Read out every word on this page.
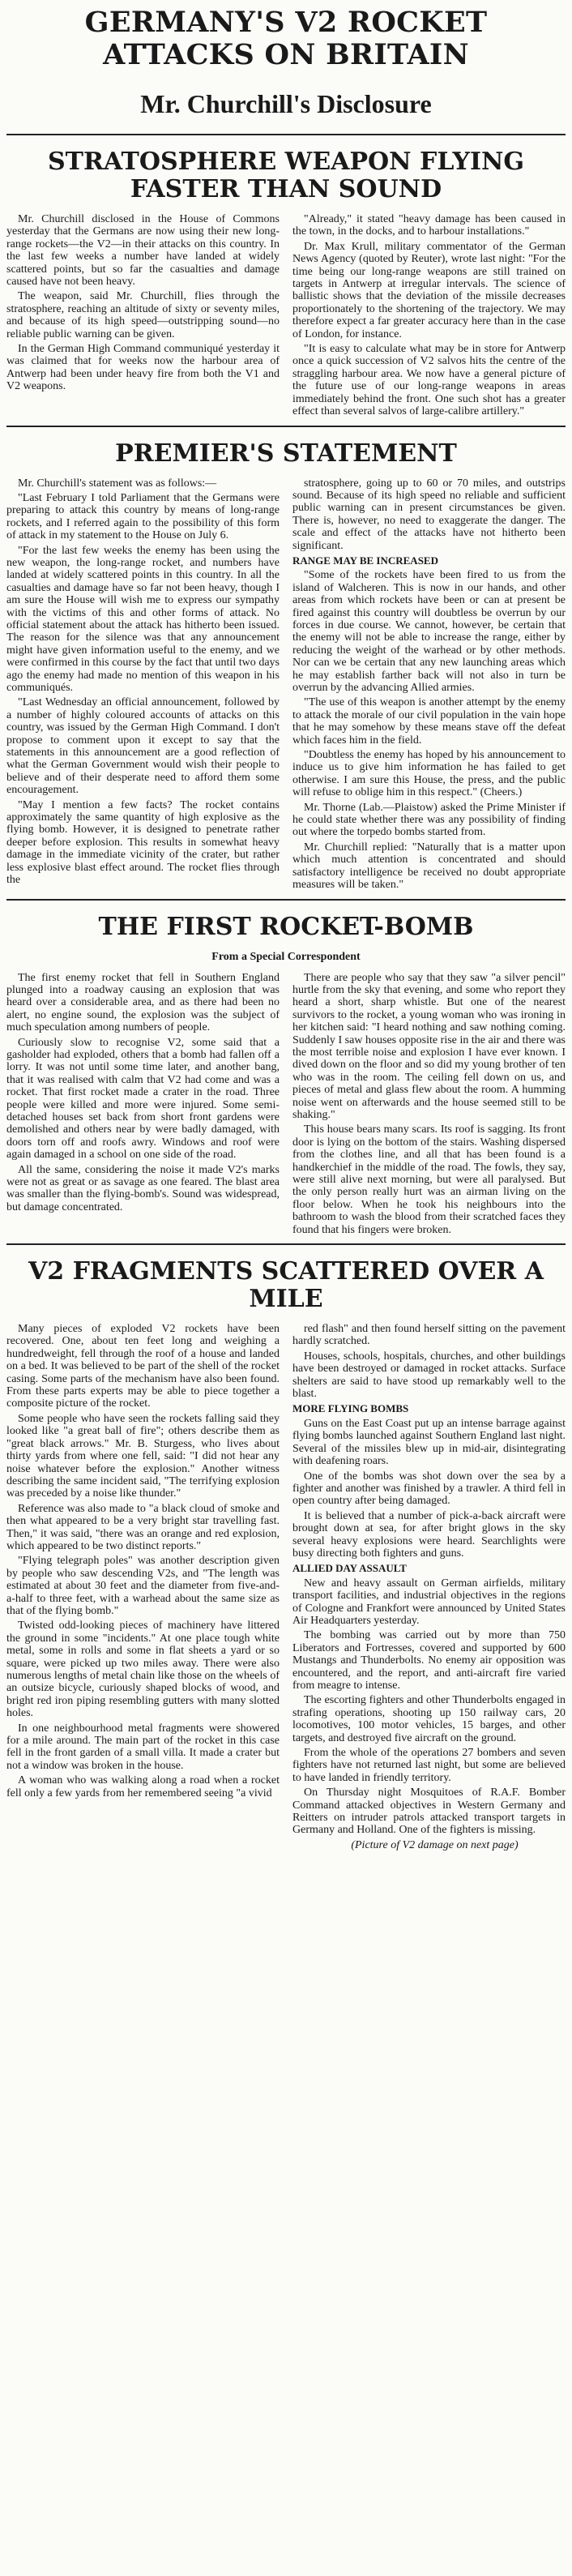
GERMANY'S V2 ROCKET ATTACKS ON BRITAIN
Mr. Churchill's Disclosure
STRATOSPHERE WEAPON FLYING FASTER THAN SOUND

Mr. Churchill disclosed in the House of Commons yesterday that the Germans are now using their new long-range rockets—the V2—in their attacks on this country. In the last few weeks a number have landed at widely scattered points, but so far the casualties and damage caused have not been heavy.

The weapon, said Mr. Churchill, flies through the stratosphere, reaching an altitude of sixty or seventy miles, and because of its high speed—outstripping sound—no reliable public warning can be given.

In the German High Command communiqué yesterday it was claimed that for weeks now the harbour area of Antwerp had been under heavy fire from both the V1 and V2 weapons.

"Already," it stated "heavy damage has been caused in the town, in the docks, and to harbour installations."

Dr. Max Krull, military commentator of the German News Agency (quoted by Reuter), wrote last night: "For the time being our long-range weapons are still trained on targets in Antwerp at irregular intervals. The science of ballistic shows that the deviation of the missile decreases proportionately to the shortening of the trajectory. We may therefore expect a far greater accuracy here than in the case of London, for instance.

"It is easy to calculate what may be in store for Antwerp once a quick succession of V2 salvos hits the centre of the straggling harbour area. We now have a general picture of the future use of our long-range weapons in areas immediately behind the front. One such shot has a greater effect than several salvos of large-calibre artillery."

PREMIER'S STATEMENT

Mr. Churchill's statement was as follows:—

"Last February I told Parliament that the Germans were preparing to attack this country by means of long-range rockets, and I referred again to the possibility of this form of attack in my statement to the House on July 6.

"For the last few weeks the enemy has been using the new weapon, the long-range rocket, and numbers have landed at widely scattered points in this country. In all the casualties and damage have so far not been heavy, though I am sure the House will wish me to express our sympathy with the victims of this and other forms of attack. No official statement about the attack has hitherto been issued. The reason for the silence was that any announcement might have given information useful to the enemy, and we were confirmed in this course by the fact that until two days ago the enemy had made no mention of this weapon in his communiqués.

"Last Wednesday an official announcement, followed by a number of highly coloured accounts of attacks on this country, was issued by the German High Command. I don't propose to comment upon it except to say that the statements in this announcement are a good reflection of what the German Government would wish their people to believe and of their desperate need to afford them some encouragement.

"May I mention a few facts? The rocket contains approximately the same quantity of high explosive as the flying bomb. However, it is designed to penetrate rather deeper before explosion. This results in somewhat heavy damage in the immediate vicinity of the crater, but rather less explosive blast effect around. The rocket flies through the

stratosphere, going up to 60 or 70 miles, and outstrips sound. Because of its high speed no reliable and sufficient public warning can in present circumstances be given. There is, however, no need to exaggerate the danger. The scale and effect of the attacks have not hitherto been significant.

RANGE MAY BE INCREASED

"Some of the rockets have been fired to us from the island of Walcheren. This is now in our hands, and other areas from which rockets have been or can at present be fired against this country will doubtless be overrun by our forces in due course. We cannot, however, be certain that the enemy will not be able to increase the range, either by reducing the weight of the warhead or by other methods. Nor can we be certain that any new launching areas which he may establish farther back will not also in turn be overrun by the advancing Allied armies.

"The use of this weapon is another attempt by the enemy to attack the morale of our civil population in the vain hope that he may somehow by these means stave off the defeat which faces him in the field.

"Doubtless the enemy has hoped by his announcement to induce us to give him information he has failed to get otherwise. I am sure this House, the press, and the public will refuse to oblige him in this respect." (Cheers.)

Mr. Thorne (Lab.—Plaistow) asked the Prime Minister if he could state whether there was any possibility of finding out where the torpedo bombs started from.

Mr. Churchill replied: "Naturally that is a matter upon which much attention is concentrated and should satisfactory intelligence be received no doubt appropriate measures will be taken."

THE FIRST ROCKET-BOMB
From a Special Correspondent

The first enemy rocket that fell in Southern England plunged into a roadway causing an explosion that was heard over a considerable area, and as there had been no alert, no engine sound, the explosion was the subject of much speculation among numbers of people.

Curiously slow to recognise V2, some said that a gasholder had exploded, others that a bomb had fallen off a lorry. It was not until some time later, and another bang, that it was realised with calm that V2 had come and was a rocket. That first rocket made a crater in the road. Three people were killed and more were injured. Some semi-detached houses set back from short front gardens were demolished and others near by were badly damaged, with doors torn off and roofs awry. Windows and roof were again damaged in a school on one side of the road.

All the same, considering the noise it made V2's marks were not as great or as savage as one feared. The blast area was smaller than the flying-bomb's. Sound was widespread, but damage concentrated.

There are people who say that they saw "a silver pencil" hurtle from the sky that evening, and some who report they heard a short, sharp whistle. But one of the nearest survivors to the rocket, a young woman who was ironing in her kitchen said: "I heard nothing and saw nothing coming. Suddenly I saw houses opposite rise in the air and there was the most terrible noise and explosion I have ever known. I dived down on the floor and so did my young brother of ten who was in the room. The ceiling fell down on us, and pieces of metal and glass flew about the room. A humming noise went on afterwards and the house seemed still to be shaking."

This house bears many scars. Its roof is sagging. Its front door is lying on the bottom of the stairs. Washing dispersed from the clothes line, and all that has been found is a handkerchief in the middle of the road. The fowls, they say, were still alive next morning, but were all paralysed. But the only person really hurt was an airman living on the floor below. When he took his neighbours into the bathroom to wash the blood from their scratched faces they found that his fingers were broken.

V2 FRAGMENTS SCATTERED OVER A MILE

Many pieces of exploded V2 rockets have been recovered. One, about ten feet long and weighing a hundredweight, fell through the roof of a house and landed on a bed. It was believed to be part of the shell of the rocket casing. Some parts of the mechanism have also been found. From these parts experts may be able to piece together a composite picture of the rocket.

Some people who have seen the rockets falling said they looked like "a great ball of fire"; others describe them as "great black arrows." Mr. B. Sturgess, who lives about thirty yards from where one fell, said: "I did not hear any noise whatever before the explosion." Another witness describing the same incident said, "The terrifying explosion was preceded by a noise like thunder."

Reference was also made to "a black cloud of smoke and then what appeared to be a very bright star travelling fast. Then," it was said, "there was an orange and red explosion, which appeared to be two distinct reports."

"Flying telegraph poles" was another description given by people who saw descending V2s, and "The length was estimated at about 30 feet and the diameter from five-and-a-half to three feet, with a warhead about the same size as that of the flying bomb."

Twisted odd-looking pieces of machinery have littered the ground in some "incidents." At one place tough white metal, some in rolls and some in flat sheets a yard or so square, were picked up two miles away. There were also numerous lengths of metal chain like those on the wheels of an outsize bicycle, curiously shaped blocks of wood, and bright red iron piping resembling gutters with many slotted holes.

In one neighbourhood metal fragments were showered for a mile around. The main part of the rocket in this case fell in the front garden of a small villa. It made a crater but not a window was broken in the house.

A woman who was walking along a road when a rocket fell only a few yards from her remembered seeing "a vivid

red flash" and then found herself sitting on the pavement hardly scratched.

Houses, schools, hospitals, churches, and other buildings have been destroyed or damaged in rocket attacks. Surface shelters are said to have stood up remarkably well to the blast.

MORE FLYING BOMBS

Guns on the East Coast put up an intense barrage against flying bombs launched against Southern England last night. Several of the missiles blew up in mid-air, disintegrating with deafening roars.

One of the bombs was shot down over the sea by a fighter and another was finished by a trawler. A third fell in open country after being damaged.

It is believed that a number of pick-a-back aircraft were brought down at sea, for after bright glows in the sky several heavy explosions were heard. Searchlights were busy directing both fighters and guns.

ALLIED DAY ASSAULT

New and heavy assault on German airfields, military transport facilities, and industrial objectives in the regions of Cologne and Frankfort were announced by United States Air Headquarters yesterday.

The bombing was carried out by more than 750 Liberators and Fortresses, covered and supported by 600 Mustangs and Thunderbolts. No enemy air opposition was encountered, and the report, and anti-aircraft fire varied from meagre to intense.

The escorting fighters and other Thunderbolts engaged in strafing operations, shooting up 150 railway cars, 20 locomotives, 100 motor vehicles, 15 barges, and other targets, and destroyed five aircraft on the ground.

From the whole of the operations 27 bombers and seven fighters have not returned last night, but some are believed to have landed in friendly territory.

On Thursday night Mosquitoes of R.A.F. Bomber Command attacked objectives in Western Germany and Reitters on intruder patrols attacked transport targets in Germany and Holland. One of the fighters is missing.

(Picture of V2 damage on next page)
